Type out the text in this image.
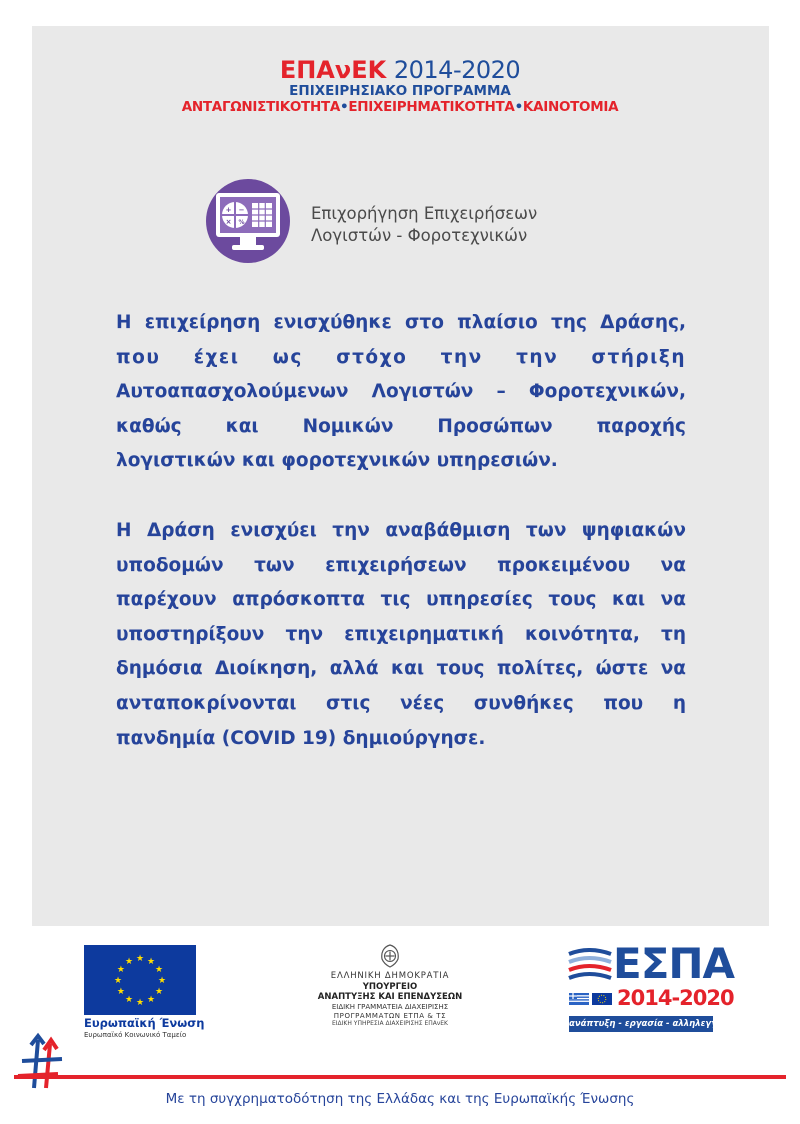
ΕΠΑνΕΚ 2014-2020
ΕΠΙΧΕΙΡΗΣΙΑΚΟ ΠΡΟΓΡΑΜΜΑ
ΑΝΤΑΓΩΝΙΣΤΙΚΟΤΗΤΑ•ΕΠΙΧΕΙΡΗΜΑΤΙΚΟΤΗΤΑ•ΚΑΙΝΟΤΟΜΙΑ
+ −
× %	Επιχορήγηση Επιχειρήσεων
Λογιστών - Φοροτεχνικών
Η επιχείρηση ενισχύθηκε στο πλαίσιο της Δράσης,
που έχει ως στόχο την την στήριξη
Αυτοαπασχολούμενων Λογιστών – Φοροτεχνικών,
καθώς και Νομικών Προσώπων παροχής
λογιστικών και φοροτεχνικών υπηρεσιών.
Η Δράση ενισχύει την αναβάθμιση των ψηφιακών
υποδομών των επιχειρήσεων προκειμένου να
παρέχουν απρόσκοπτα τις υπηρεσίες τους και να
υποστηρίξουν την επιχειρηματική κοινότητα, τη
δημόσια Διοίκηση, αλλά και τους πολίτες, ώστε να
ανταποκρίνονται στις νέες συνθήκες που η
πανδημία (COVID 19) δημιούργησε.
★ ★
★
★
★
★
★
★
★
★
★
★
Ευρωπαϊκή Ένωση
Ευρωπαϊκό Κοινωνικό Ταμείο
ΕΛΛΗΝΙΚΗ ΔΗΜΟΚΡΑΤΙΑ
ΥΠΟΥΡΓΕΙΟ
ΑΝΑΠΤΥΞΗΣ ΚΑΙ ΕΠΕΝΔΥΣΕΩΝ
ΕΙΔΙΚΗ ΓΡΑΜΜΑΤΕΙΑ ΔΙΑΧΕΙΡΙΣΗΣ
ΠΡΟΓΡΑΜΜΑΤΩΝ ΕΤΠΑ & ΤΣ
ΕΙΔΙΚΗ ΥΠΗΡΕΣΙΑ ΔΙΑΧΕΙΡΙΣΗΣ ΕΠΑνΕΚ
ΕΣΠΑ
2014-2020
ανάπτυξη - εργασία - αλληλεγγύη
Με τη συγχρηματοδότηση της Ελλάδας και της Ευρωπαϊκής Ένωσης
